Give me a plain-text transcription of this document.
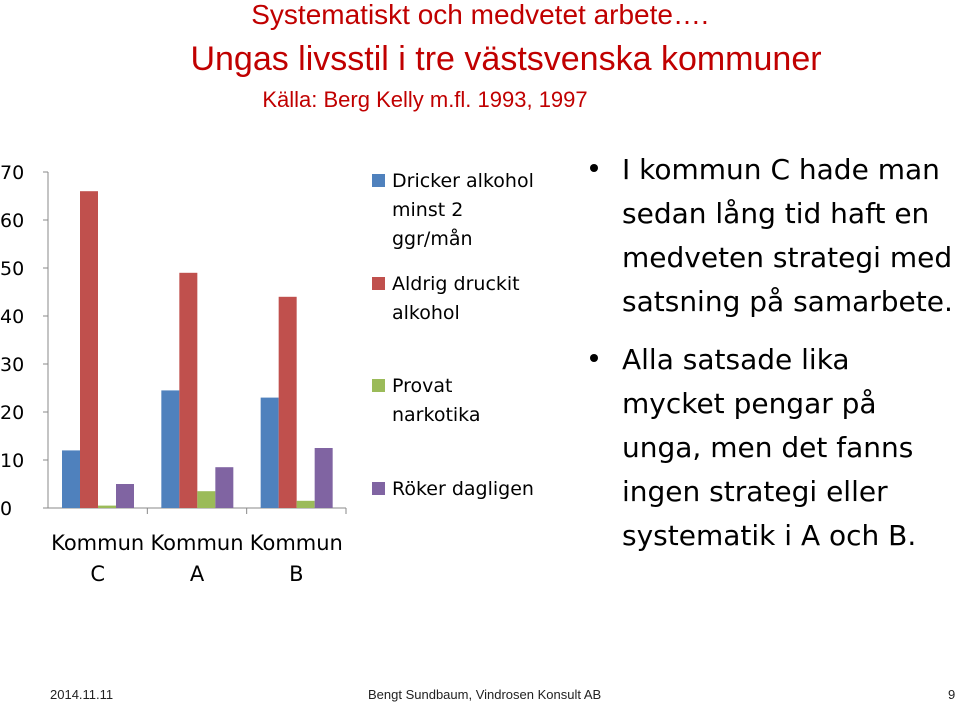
Systematiskt och medvetet arbete….
Ungas livsstil i tre västsvenska kommuner
Källa: Berg Kelly m.fl. 1993, 1997
0
10
20
30
40
50
60
70
Kommun
C
Kommun
A
Kommun
B
Dricker alkohol
minst 2
ggr/mån
Aldrig druckit
alkohol
Provat
narkotika
Röker dagligen

I kommun C hade man sedan lång tid haft en medveten strategi med satsning på samarbete.

Alla satsade lika mycket pengar på unga, men det fanns ingen strategi eller systematik i A och B.

2014.11.11	Bengt Sundbaum, Vindrosen Konsult AB	9
